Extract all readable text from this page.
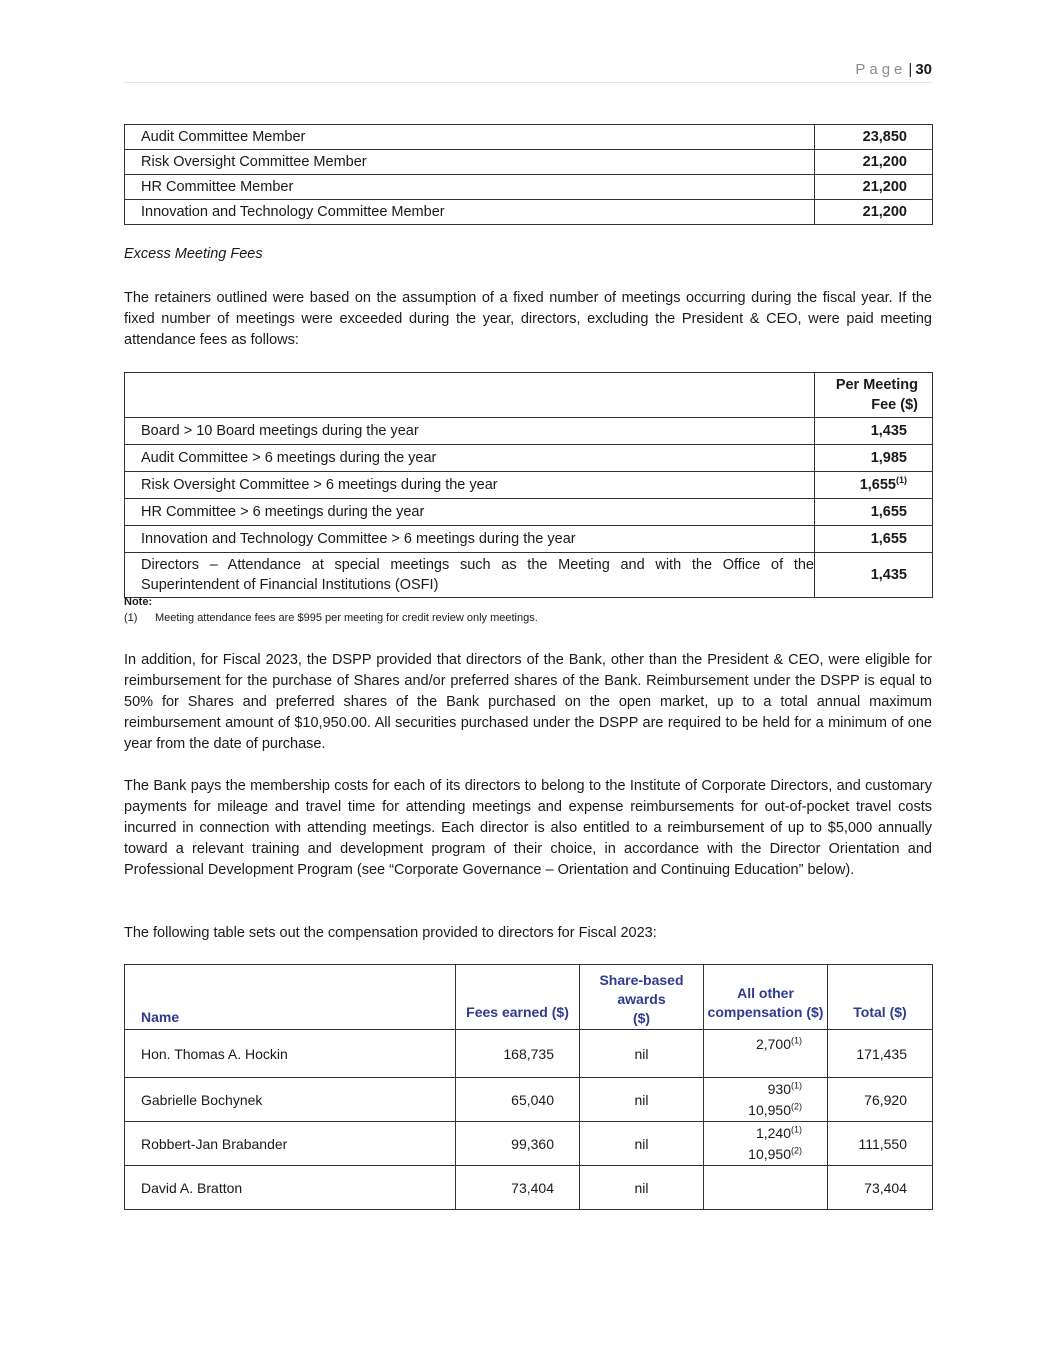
Page | 30
Audit Committee Member	23,850
Risk Oversight Committee Member	21,200
HR Committee Member	21,200
Innovation and Technology Committee Member	21,200
Excess Meeting Fees
The retainers outlined were based on the assumption of a fixed number of meetings occurring during the fiscal year. If the fixed number of meetings were exceeded during the year, directors, excluding the President & CEO, were paid meeting attendance fees as follows:
	Per Meeting
Fee ($)
Board > 10 Board meetings during the year	1,435
Audit Committee > 6 meetings during the year	1,985
Risk Oversight Committee > 6 meetings during the year	1,655$^{(1)}$
HR Committee > 6 meetings during the year	1,655
Innovation and Technology Committee > 6 meetings during the year	1,655
Directors – Attendance at special meetings such as the Meeting and with the Office of the Superintendent of Financial Institutions (OSFI)	1,435
Note:
(1) Meeting attendance fees are $995 per meeting for credit review only meetings.
In addition, for Fiscal 2023, the DSPP provided that directors of the Bank, other than the President & CEO, were eligible for reimbursement for the purchase of Shares and/or preferred shares of the Bank. Reimbursement under the DSPP is equal to 50% for Shares and preferred shares of the Bank purchased on the open market, up to a total annual maximum reimbursement amount of $10,950.00. All securities purchased under the DSPP are required to be held for a minimum of one year from the date of purchase.
The Bank pays the membership costs for each of its directors to belong to the Institute of Corporate Directors, and customary payments for mileage and travel time for attending meetings and expense reimbursements for out-of-pocket travel costs incurred in connection with attending meetings. Each director is also entitled to a reimbursement of up to $5,000 annually toward a relevant training and development program of their choice, in accordance with the Director Orientation and Professional Development Program (see “Corporate Governance – Orientation and Continuing Education” below).
The following table sets out the compensation provided to directors for Fiscal 2023:
Name	Fees earned ($)	Share-based
awards
($)	All other
compensation ($)	Total ($)
Hon. Thomas A. Hockin	168,735	nil	2,700$^{(1)}$	171,435
Gabrielle Bochynek	65,040	nil	930$^{(1)}$
10,950$^{(2)}$	76,920
Robbert-Jan Brabander	99,360	nil	1,240$^{(1)}$
10,950$^{(2)}$	111,550
David A. Bratton	73,404	nil		73,404
